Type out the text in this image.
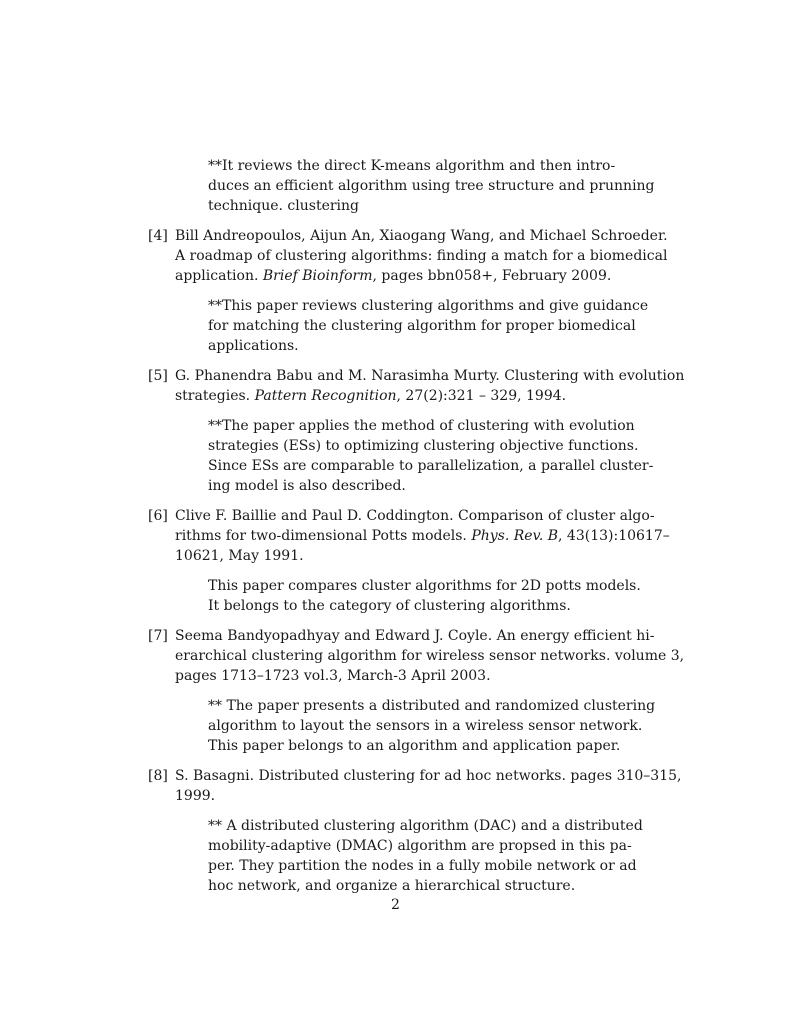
**It reviews the direct K-means algorithm and then intro-
duces an efficient algorithm using tree structure and prunning
technique. clustering
[4] Bill Andreopoulos, Aijun An, Xiaogang Wang, and Michael Schroeder.
A roadmap of clustering algorithms: finding a match for a biomedical
application. Brief Bioinform, pages bbn058+, February 2009.
**This paper reviews clustering algorithms and give guidance
for matching the clustering algorithm for proper biomedical
applications.
[5] G. Phanendra Babu and M. Narasimha Murty. Clustering with evolution
strategies. Pattern Recognition, 27(2):321 – 329, 1994.
**The paper applies the method of clustering with evolution
strategies (ESs) to optimizing clustering objective functions.
Since ESs are comparable to parallelization, a parallel cluster-
ing model is also described.
[6] Clive F. Baillie and Paul D. Coddington. Comparison of cluster algo-
rithms for two-dimensional Potts models. Phys. Rev. B, 43(13):10617–
10621, May 1991.
This paper compares cluster algorithms for 2D potts models.
It belongs to the category of clustering algorithms.
[7] Seema Bandyopadhyay and Edward J. Coyle. An energy efficient hi-
erarchical clustering algorithm for wireless sensor networks. volume 3,
pages 1713–1723 vol.3, March-3 April 2003.
** The paper presents a distributed and randomized clustering
algorithm to layout the sensors in a wireless sensor network.
This paper belongs to an algorithm and application paper.
[8] S. Basagni. Distributed clustering for ad hoc networks. pages 310–315,
1999.
** A distributed clustering algorithm (DAC) and a distributed
mobility-adaptive (DMAC) algorithm are propsed in this pa-
per. They partition the nodes in a fully mobile network or ad
hoc network, and organize a hierarchical structure.
2
